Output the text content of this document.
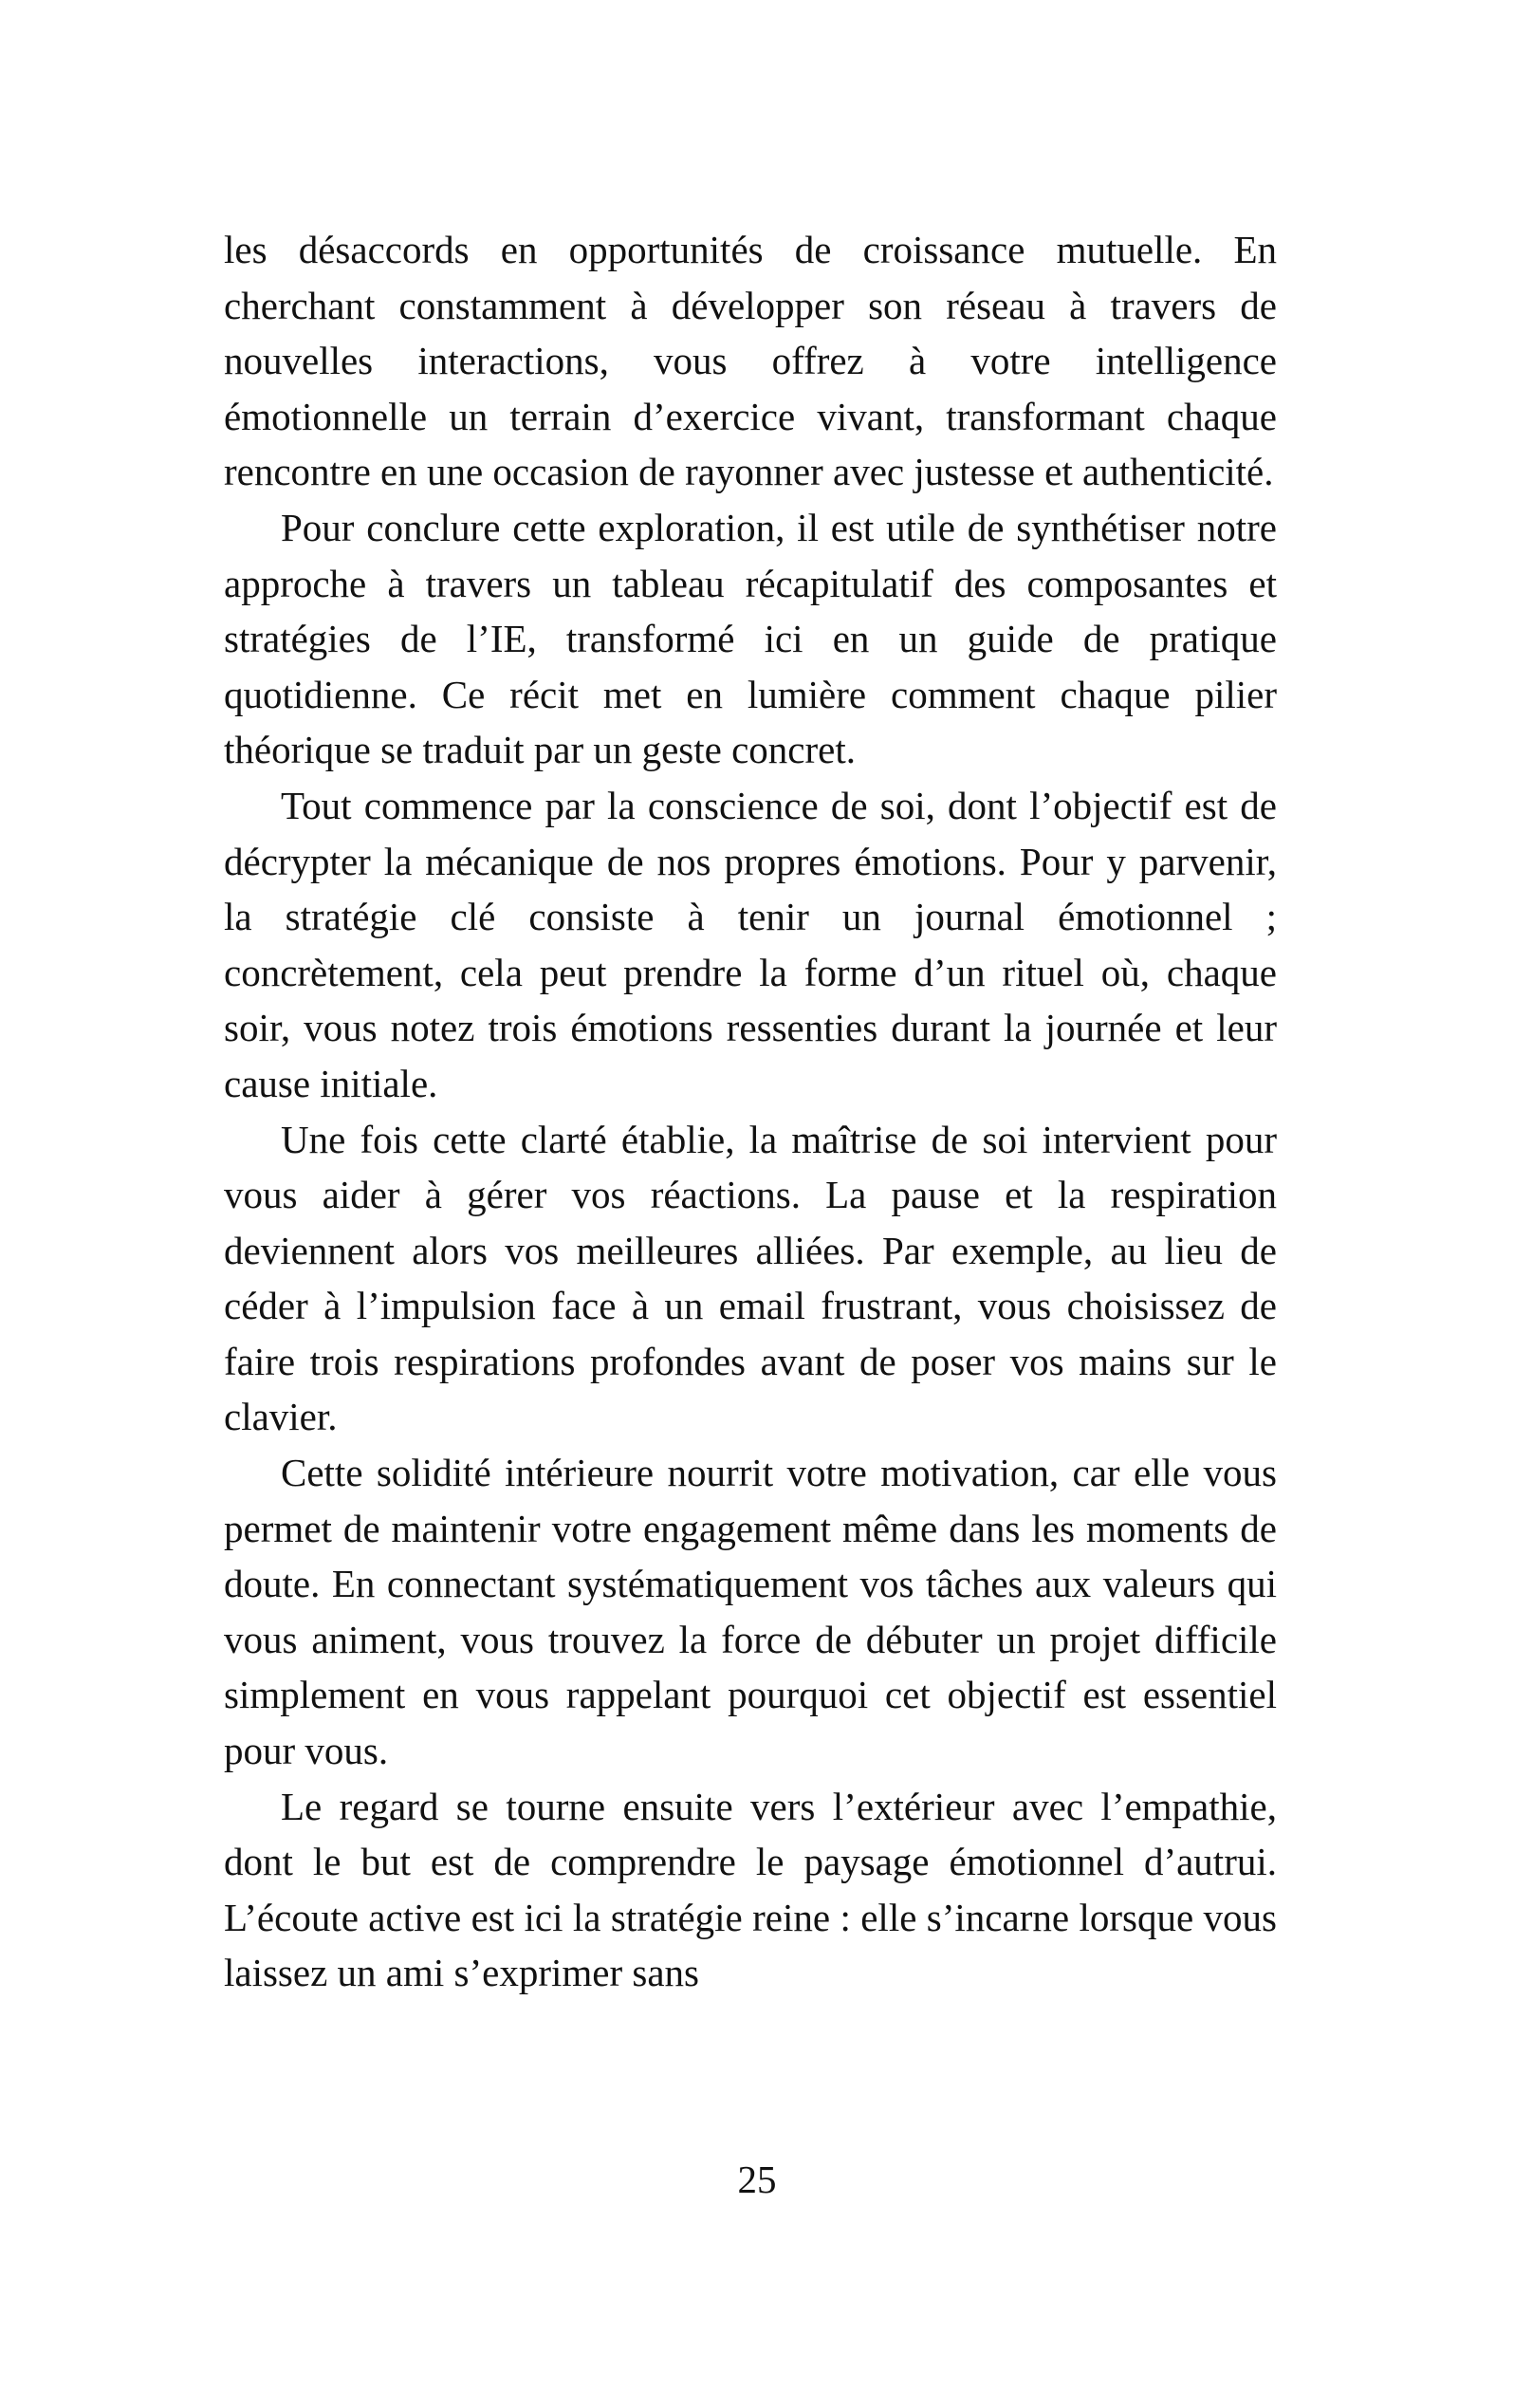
les désaccords en opportunités de croissance mutuelle. En cherchant constamment à développer son réseau à travers de nouvelles interactions, vous offrez à votre intelligence émotionnelle un terrain d’exercice vivant, transformant chaque rencontre en une occasion de rayonner avec justesse et authenticité.

Pour conclure cette exploration, il est utile de synthétiser notre approche à travers un tableau récapitulatif des composantes et stratégies de l’IE, transformé ici en un guide de pratique quotidienne. Ce récit met en lumière comment chaque pilier théorique se traduit par un geste concret.

Tout commence par la conscience de soi, dont l’objectif est de décrypter la mécanique de nos propres émotions. Pour y parvenir, la stratégie clé consiste à tenir un journal émotionnel ; concrètement, cela peut prendre la forme d’un rituel où, chaque soir, vous notez trois émotions ressenties durant la journée et leur cause initiale.

Une fois cette clarté établie, la maîtrise de soi intervient pour vous aider à gérer vos réactions. La pause et la respiration deviennent alors vos meilleures alliées. Par exemple, au lieu de céder à l’impulsion face à un email frustrant, vous choisissez de faire trois respirations profondes avant de poser vos mains sur le clavier.

Cette solidité intérieure nourrit votre motivation, car elle vous permet de maintenir votre engagement même dans les moments de doute. En connectant systématiquement vos tâches aux valeurs qui vous animent, vous trouvez la force de débuter un projet difficile simplement en vous rappelant pourquoi cet objectif est essentiel pour vous.

Le regard se tourne ensuite vers l’extérieur avec l’empathie, dont le but est de comprendre le paysage émotionnel d’autrui. L’écoute active est ici la stratégie reine : elle s’incarne lorsque vous laissez un ami s’exprimer sans

25
